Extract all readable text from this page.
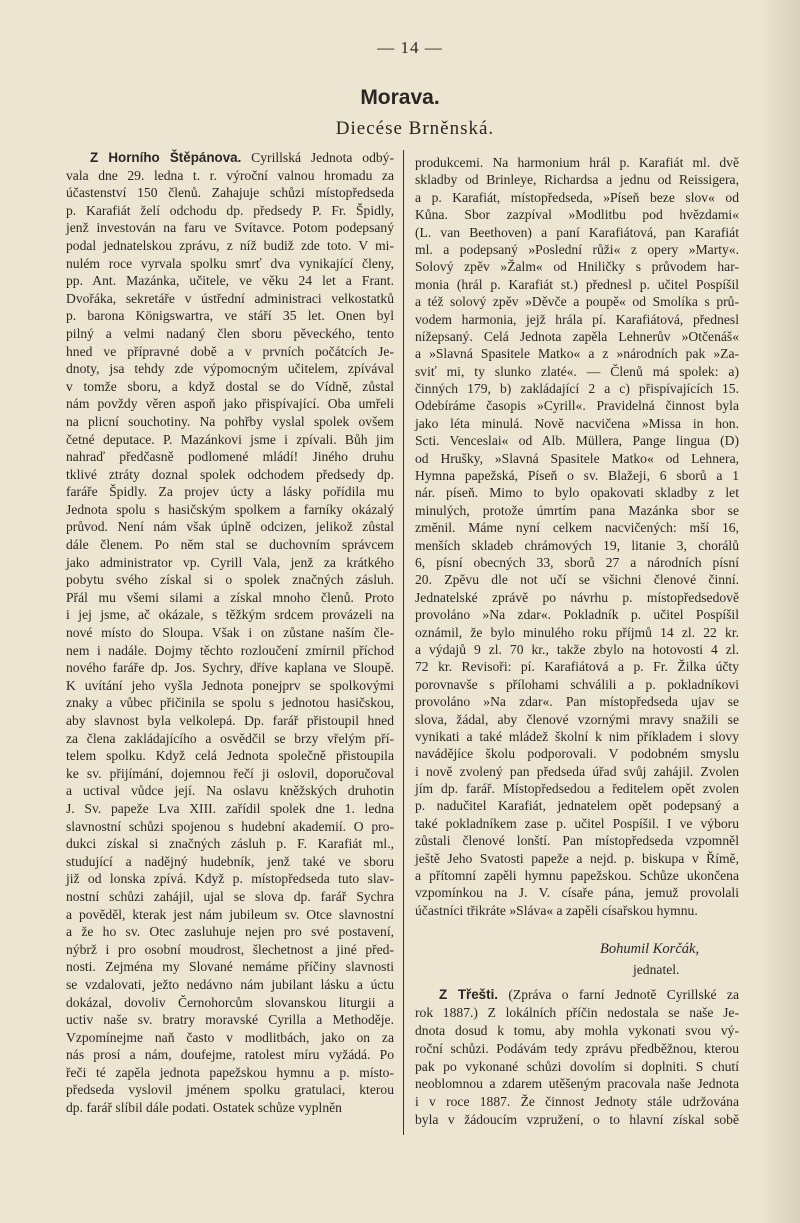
— 14 —
Morava.
Diecése Brněnská.
Z Horního Štěpánova. Cyrillská Jednota odbý-
vala dne 29. ledna t. r. výroční valnou hromadu za
účastenství 150 členů. Zahajuje schůzi místopředseda
p. Karafiát želí odchodu dp. předsedy P. Fr. Špidly,
jenž investován na faru ve Svítavce. Potom podepsaný
podal jednatelskou zprávu, z níž budiž zde toto. V mi-
nulém roce vyrvala spolku smrť dva vynikající členy,
pp. Ant. Mazánka, učitele, ve věku 24 let a Frant.
Dvořáka, sekretáře v ústřední administraci velkostatků
p. barona Königswartra, ve stáří 35 let. Onen byl
pilný a velmi nadaný člen sboru pěveckého, tento
hned ve přípravné době a v prvních počátcích Je-
dnoty, jsa tehdy zde výpomocným učitelem, zpívával
v tomže sboru, a když dostal se do Vídně, zůstal
nám povždy věren aspoň jako přispívající. Oba umřeli
na plicní souchotiny. Na pohřby vyslal spolek ovšem
četné deputace. P. Mazánkovi jsme i zpívali. Bůh jim
nahraď předčasně podlomené mládí! Jiného druhu
tklivé ztráty doznal spolek odchodem předsedy dp.
faráře Špidly. Za projev úcty a lásky pořídila mu
Jednota spolu s hasičským spolkem a farníky okázalý
průvod. Není nám však úplně odcizen, jelikož zůstal
dále členem. Po něm stal se duchovním správcem
jako administrator vp. Cyrill Vala, jenž za krátkého
pobytu svého získal si o spolek značných zásluh.
Přál mu všemi silami a získal mnoho členů. Proto
i jej jsme, ač okázale, s těžkým srdcem provázeli na
nové místo do Sloupa. Však i on zůstane naším čle-
nem i nadále. Dojmy těchto rozloučení zmírnil příchod
nového faráře dp. Jos. Sychry, dříve kaplana ve Sloupě.
K uvítání jeho vyšla Jednota ponejprv se spolkovými
znaky a vůbec přičinila se spolu s jednotou hasičskou,
aby slavnost byla velkolepá. Dp. farář přistoupil hned
za člena zakládajícího a osvědčil se brzy vřelým pří-
telem spolku. Když celá Jednota společně přistoupila
ke sv. přijímání, dojemnou řečí ji oslovil, doporučoval
a uctival vůdce její. Na oslavu kněžských druhotin
J. Sv. papeže Lva XIII. zařídil spolek dne 1. ledna
slavnostní schůzi spojenou s hudební akademií. O pro-
dukci získal si značných zásluh p. F. Karafiát ml.,
studující a nadějný hudebník, jenž také ve sboru
již od lonska zpívá. Když p. místopředseda tuto slav-
nostní schůzi zahájil, ujal se slova dp. farář Sychra
a pověděl, kterak jest nám jubileum sv. Otce slavnostní
a že ho sv. Otec zasluhuje nejen pro své postavení,
nýbrž i pro osobní moudrost, šlechetnost a jiné před-
nosti. Zejména my Slované nemáme příčiny slavnosti
se vzdalovati, ježto nedávno nám jubilant lásku a úctu
dokázal, dovoliv Černohorcům slovanskou liturgii a
uctiv naše sv. bratry moravské Cyrilla a Methoděje.
Vzpomínejme naň často v modlitbách, jako on za
nás prosí a nám, doufejme, ratolest míru vyžádá. Po
řeči té zapěla jednota papežskou hymnu a p. místo-
předseda vyslovil jménem spolku gratulaci, kterou
dp. farář slíbil dále podati. Ostatek schůze vyplněn
produkcemi. Na harmonium hrál p. Karafiát ml. dvě
skladby od Brinleye, Richardsa a jednu od Reissigera,
a p. Karafiát, místopředseda, »Píseň beze slov« od
Kůna. Sbor zazpíval »Modlitbu pod hvězdami«
(L. van Beethoven) a paní Karafiátová, pan Karafiát
ml. a podepsaný »Poslední růži« z opery »Marty«.
Solový zpěv »Žalm« od Hniličky s průvodem har-
monia (hrál p. Karafiát st.) přednesl p. učitel Pospíšil
a též solový zpěv »Děvče a poupě« od Smolíka s prů-
vodem harmonia, jejž hrála pí. Karafiátová, přednesl
nížepsaný. Celá Jednota zapěla Lehnerův »Otčenáš«
a »Slavná Spasitele Matko« a z »národních pak »Za-
sviť mi, ty slunko zlaté«. — Členů má spolek: a)
činných 179, b) zakládající 2 a c) přispívajících 15.
Odebíráme časopis »Cyrill«. Pravidelná činnost byla
jako léta minulá. Nově nacvičena »Missa in hon.
Scti. Venceslai« od Alb. Müllera, Pange lingua (D)
od Hrušky, »Slavná Spasitele Matko« od Lehnera,
Hymna papežská, Píseň o sv. Blažeji, 6 sborů a 1
nár. píseň. Mimo to bylo opakovati skladby z let
minulých, protože úmrtím pana Mazánka sbor se
změnil. Máme nyní celkem nacvičených: mší 16,
menších skladeb chrámových 19, litanie 3, chorálů
6, písní obecných 33, sborů 27 a národních písní
20. Zpěvu dle not učí se všichni členové činní.
Jednatelské zprávě po návrhu p. místopředsedově
provoláno »Na zdar«. Pokladník p. učitel Pospíšil
oznámil, že bylo minulého roku příjmů 14 zl. 22 kr.
a výdajů 9 zl. 70 kr., takže zbylo na hotovosti 4 zl.
72 kr. Revisoři: pí. Karafiátová a p. Fr. Žilka účty
porovnavše s přílohami schválili a p. pokladníkovi
provoláno »Na zdar«. Pan místopředseda ujav se
slova, žádal, aby členové vzornými mravy snažili se
vynikati a také mládež školní k nim příkladem i slovy
navádějíce školu podporovali. V podobném smyslu
i nově zvolený pan předseda úřad svůj zahájil. Zvolen
jím dp. farář. Místopředsedou a ředitelem opět zvolen
p. nadučitel Karafiát, jednatelem opět podepsaný a
také pokladníkem zase p. učitel Pospíšil. I ve výboru
zůstali členové lonští. Pan místopředseda vzpomněl
ještě Jeho Svatosti papeže a nejd. p. biskupa v Římě,
a přítomní zapěli hymnu papežskou. Schůze ukončena
vzpomínkou na J. V. císaře pána, jemuž provolali
účastníci třikráte »Sláva« a zapěli císařskou hymnu.
Bohumil Korčák,
jednatel.
Z Třešti. (Zpráva o farní Jednotě Cyrillské za
rok 1887.) Z lokálních příčin nedostala se naše Je-
dnota dosud k tomu, aby mohla vykonati svou vý-
roční schůzi. Podávám tedy zprávu předběžnou, kterou
pak po vykonané schůzi dovolím si doplniti. S chutí
neoblomnou a zdarem utěšeným pracovala naše Jednota
i v roce 1887. Že činnost Jednoty stále udržována
byla v žádoucím vzpružení, o to hlavní získal sobě
